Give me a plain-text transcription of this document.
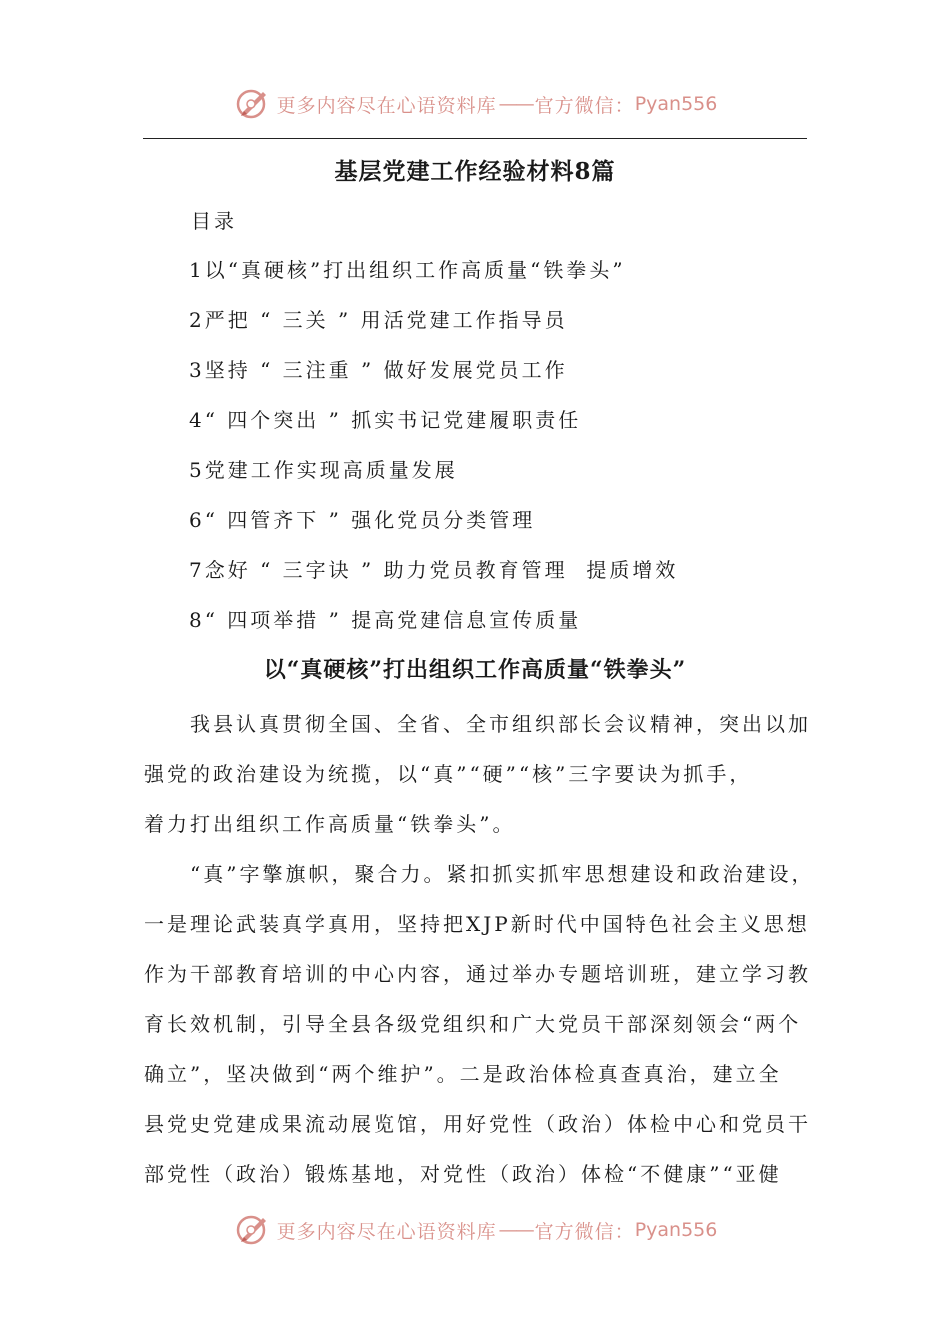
更多内容尽在心语资料库 —— 官方微信： Pyan556
基层党建工作经验材料8篇
目录
1以“真硬核”打出组织工作高质量“铁拳头”
2严把 “ 三关 ” 用活党建工作指导员
3坚持 “ 三注重 ” 做好发展党员工作
4“ 四个突出 ” 抓实书记党建履职责任
5党建工作实现高质量发展
6“ 四管齐下 ” 强化党员分类管理
7念好 “ 三字诀 ” 助力党员教育管理  提质增效
8“ 四项举措 ” 提高党建信息宣传质量
以“真硬核”打出组织工作高质量“铁拳头”
我县认真贯彻全国、全省、全市组织部长会议精神，突出以加
强党的政治建设为统揽，以“真”“硬”“核”三字要诀为抓手，
着力打出组织工作高质量“铁拳头”。
“真”字擎旗帜，聚合力。紧扣抓实抓牢思想建设和政治建设，
一是理论武装真学真用，坚持把XJP新时代中国特色社会主义思想
作为干部教育培训的中心内容，通过举办专题培训班，建立学习教
育长效机制，引导全县各级党组织和广大党员干部深刻领会“两个
确立”，坚决做到“两个维护”。二是政治体检真查真治，建立全
县党史党建成果流动展览馆，用好党性（政治）体检中心和党员干
部党性（政治）锻炼基地，对党性（政治）体检“不健康”“亚健
更多内容尽在心语资料库 —— 官方微信： Pyan556
